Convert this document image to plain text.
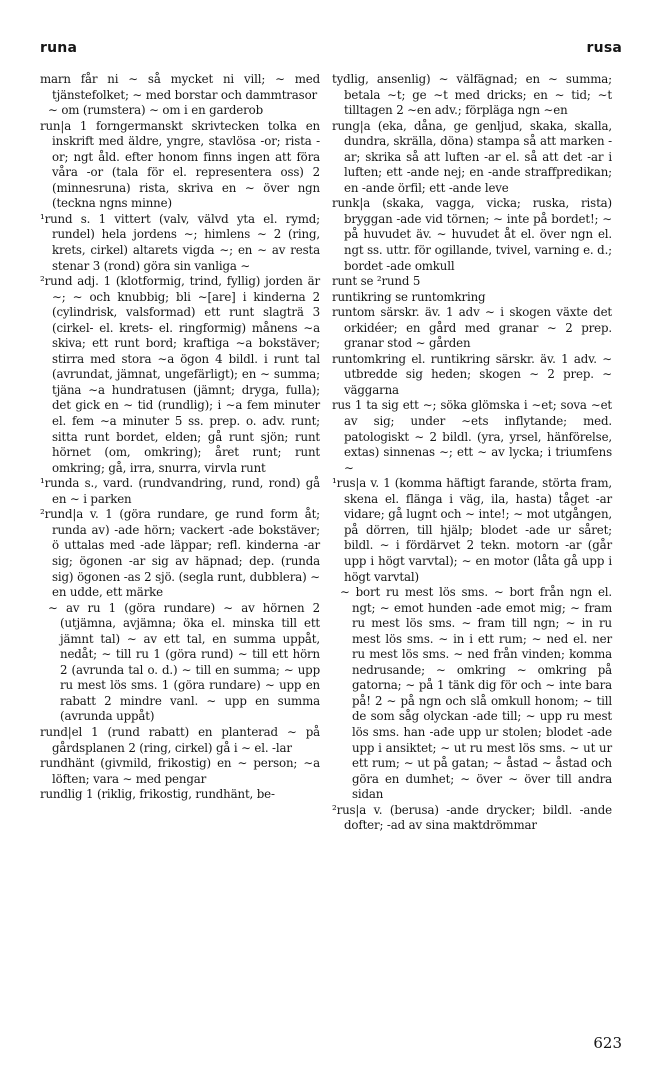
runa	rusa

marn får ni ∼ så mycket ni vill; ∼ med tjänstefolket; ∼ med borstar och dammtrasor

∼ om (rumstera) ∼ om i en garderob

run|a 1 forngermanskt skrivtecken tolka en inskrift med äldre, yngre, stavlösa -or; rista -or; ngt åld. efter honom finns ingen att föra våra -or (tala för el. representera oss) 2 (minnesruna) rista, skriva en ∼ över ngn (teckna ngns minne)

¹rund s. 1 vittert (valv, välvd yta el. rymd; rundel) hela jordens ∼; himlens ∼ 2 (ring, krets, cirkel) altarets vigda ∼; en ∼ av resta stenar 3 (rond) göra sin vanliga ∼

²rund adj. 1 (klotformig, trind, fyllig) jorden är ∼; ∼ och knubbig; bli ∼[are] i kinderna 2 (cylindrisk, valsformad) ett runt slagträ 3 (cirkel- el. krets- el. ringformig) månens ∼a skiva; ett runt bord; kraftiga ∼a bokstäver; stirra med stora ∼a ögon 4 bildl. i runt tal (avrundat, jämnat, ungefärligt); en ∼ summa; tjäna ∼a hundratusen (jämnt; dryga, fulla); det gick en ∼ tid (rundlig); i ∼a fem minuter el. fem ∼a minuter 5 ss. prep. o. adv. runt; sitta runt bordet, elden; gå runt sjön; runt hörnet (om, omkring); året runt; runt omkring; gå, irra, snurra, virvla runt

¹runda s., vard. (rundvandring, rund, rond) gå en ∼ i parken

²rund|a v. 1 (göra rundare, ge rund form åt; runda av) -ade hörn; vackert -ade bokstäver; ö uttalas med -ade läppar; refl. kinderna -ar sig; ögonen -ar sig av häpnad; dep. (runda sig) ögonen -as 2 sjö. (segla runt, dubblera) ∼ en udde, ett märke

∼ av ru 1 (göra rundare) ∼ av hörnen 2 (utjämna, avjämna; öka el. minska till ett jämnt tal) ∼ av ett tal, en summa uppåt, nedåt; ∼ till ru 1 (göra rund) ∼ till ett hörn 2 (avrunda tal o. d.) ∼ till en summa; ∼ upp ru mest lös sms. 1 (göra rundare) ∼ upp en rabatt 2 mindre vanl. ∼ upp en summa (avrunda uppåt)

rund|el 1 (rund rabatt) en planterad ∼ på gårdsplanen 2 (ring, cirkel) gå i ∼ el. -lar

rundhänt (givmild, frikostig) en ∼ person; ∼a löften; vara ∼ med pengar

rundlig 1 (riklig, frikostig, rundhänt, be-

tydlig, ansenlig) ∼ välfägnad; en ∼ summa; betala ∼t; ge ∼t med dricks; en ∼ tid; ∼t tilltagen 2 ∼en adv.; förpläga ngn ∼en

rung|a (eka, dåna, ge genljud, skaka, skalla, dundra, skrälla, döna) stampa så att marken -ar; skrika så att luften -ar el. så att det -ar i luften; ett -ande nej; en -ande straffpredikan; en -ande örfil; ett -ande leve

runk|a (skaka, vagga, vicka; ruska, rista) bryggan -ade vid törnen; ∼ inte på bordet!; ∼ på huvudet äv. ∼ huvudet åt el. över ngn el. ngt ss. uttr. för ogillande, tvivel, varning e. d.; bordet -ade omkull

runt se ²rund 5

runtikring se runtomkring

runtom särskr. äv. 1 adv ∼ i skogen växte det orkidéer; en gård med granar ∼ 2 prep. granar stod ∼ gården

runtomkring el. runtikring särskr. äv. 1 adv. ∼ utbredde sig heden; skogen ∼ 2 prep. ∼ väggarna

rus 1 ta sig ett ∼; söka glömska i ∼et; sova ∼et av sig; under ∼ets inflytande; med. patologiskt ∼ 2 bildl. (yra, yrsel, hänförelse, extas) sinnenas ∼; ett ∼ av lycka; i triumfens ∼

¹rus|a v. 1 (komma häftigt farande, störta fram, skena el. flänga i väg, ila, hasta) tåget -ar vidare; gå lugnt och ∼ inte!; ∼ mot utgången, på dörren, till hjälp; blodet -ade ur såret; bildl. ∼ i fördärvet 2 tekn. motorn -ar (går upp i högt varvtal); ∼ en motor (låta gå upp i högt varvtal)

∼ bort ru mest lös sms. ∼ bort från ngn el. ngt; ∼ emot hunden -ade emot mig; ∼ fram ru mest lös sms. ∼ fram till ngn; ∼ in ru mest lös sms. ∼ in i ett rum; ∼ ned el. ner ru mest lös sms. ∼ ned från vinden; komma nedrusande; ∼ omkring ∼ omkring på gatorna; ∼ på 1 tänk dig för och ∼ inte bara på! 2 ∼ på ngn och slå omkull honom; ∼ till de som såg olyckan -ade till; ∼ upp ru mest lös sms. han -ade upp ur stolen; blodet -ade upp i ansiktet; ∼ ut ru mest lös sms. ∼ ut ur ett rum; ∼ ut på gatan; ∼ åstad ∼ åstad och göra en dumhet; ∼ över ∼ över till andra sidan

²rus|a v. (berusa) -ande drycker; bildl. -ande dofter; -ad av sina maktdrömmar

623
